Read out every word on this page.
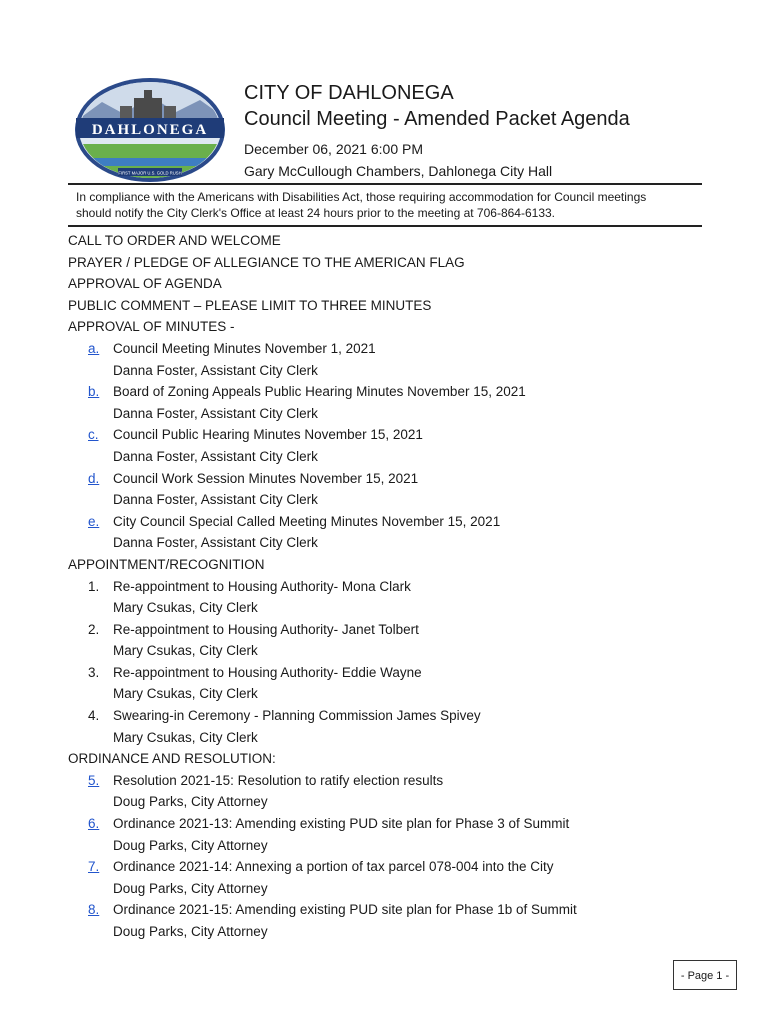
DAHLONEGA
FIRST MAJOR U.S. GOLD RUSH

CITY OF DAHLONEGA

Council Meeting - Amended Packet Agenda

December 06, 2021 6:00 PM

Gary McCullough Chambers, Dahlonega City Hall

In compliance with the Americans with Disabilities Act, those requiring accommodation for Council meetings
should notify the City Clerk's Office at least 24 hours prior to the meeting at 706-864-6133.
CALL TO ORDER AND WELCOME
PRAYER / PLEDGE OF ALLEGIANCE TO THE AMERICAN FLAG
APPROVAL OF AGENDA
PUBLIC COMMENT – PLEASE LIMIT TO THREE MINUTES
APPROVAL OF MINUTES -
a.	Council Meeting Minutes November 1, 2021
Danna Foster, Assistant City Clerk
b.	Board of Zoning Appeals Public Hearing Minutes November 15, 2021
Danna Foster, Assistant City Clerk
c.	Council Public Hearing Minutes November 15, 2021
Danna Foster, Assistant City Clerk
d.	Council Work Session Minutes November 15, 2021
Danna Foster, Assistant City Clerk
e.	City Council Special Called Meeting Minutes November 15, 2021
Danna Foster, Assistant City Clerk
APPOINTMENT/RECOGNITION
1.	Re-appointment to Housing Authority- Mona Clark
Mary Csukas, City Clerk
2.	Re-appointment to Housing Authority- Janet Tolbert
Mary Csukas, City Clerk
3.	Re-appointment to Housing Authority- Eddie Wayne
Mary Csukas, City Clerk
4.	Swearing-in Ceremony - Planning Commission James Spivey
Mary Csukas, City Clerk
ORDINANCE AND RESOLUTION:
5.	Resolution 2021-15: Resolution to ratify election results
Doug Parks, City Attorney
6.	Ordinance 2021-13: Amending existing PUD site plan for Phase 3 of Summit
Doug Parks, City Attorney
7.	Ordinance 2021-14: Annexing a portion of tax parcel 078-004 into the City
Doug Parks, City Attorney
8.	Ordinance 2021-15: Amending existing PUD site plan for Phase 1b of Summit
Doug Parks, City Attorney
- Page 1 -
